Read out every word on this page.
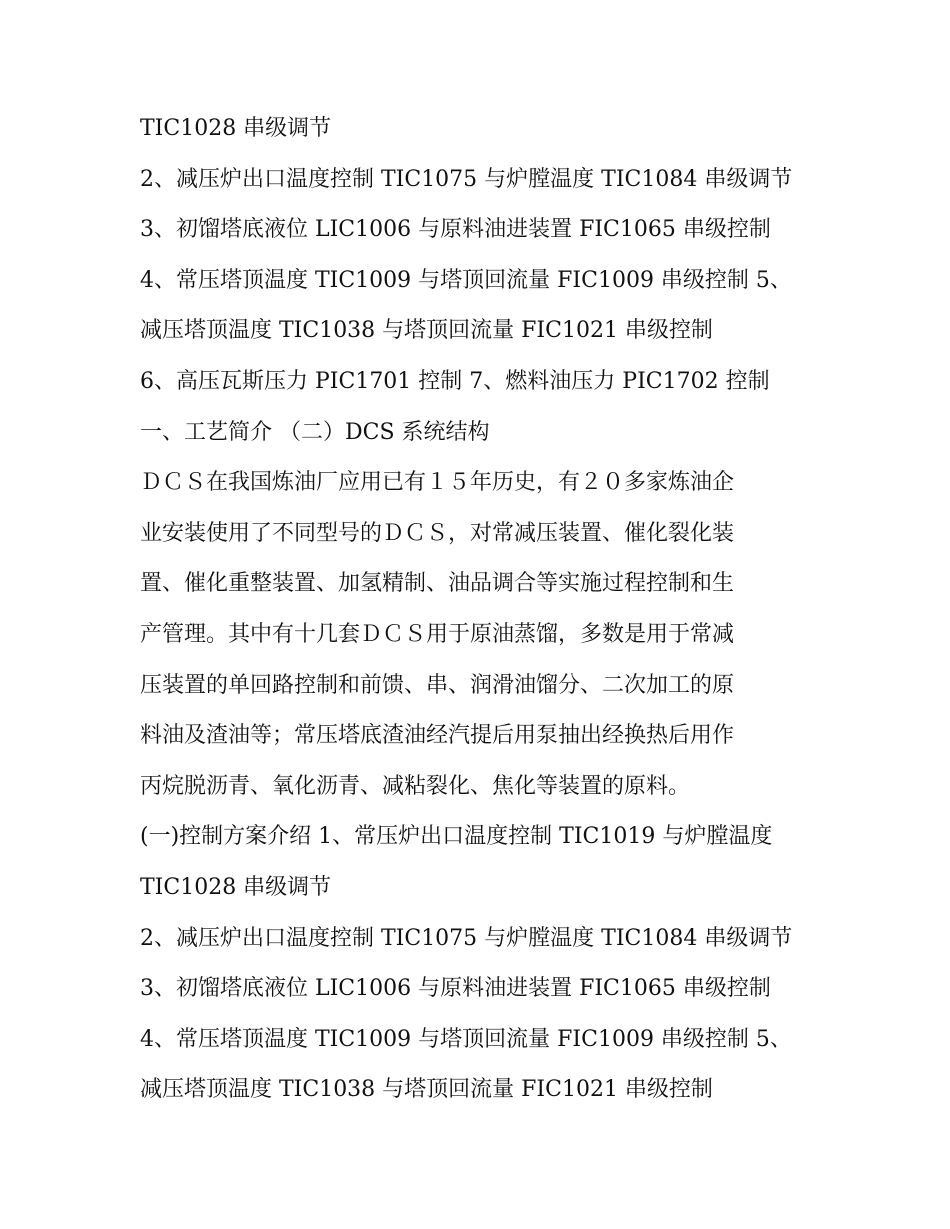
TIC1028 串级调节
2、减压炉出口温度控制 TIC1075 与炉膛温度 TIC1084 串级调节
3、初馏塔底液位 LIC1006 与原料油进装置 FIC1065 串级控制
4、常压塔顶温度 TIC1009 与塔顶回流量 FIC1009 串级控制 5、
减压塔顶温度 TIC1038 与塔顶回流量 FIC1021 串级控制
6、高压瓦斯压力 PIC1701 控制 7、燃料油压力 PIC1702 控制
一、工艺简介 （二）DCS 系统结构
ＤＣＳ在我国炼油厂应用已有１５年历史，有２０多家炼油企
业安装使用了不同型号的ＤＣＳ，对常减压装置、催化裂化装
置、催化重整装置、加氢精制、油品调合等实施过程控制和生
产管理。其中有十几套ＤＣＳ用于原油蒸馏，多数是用于常减
压装置的单回路控制和前馈、串、润滑油馏分、二次加工的原
料油及渣油等；常压塔底渣油经汽提后用泵抽出经换热后用作
丙烷脱沥青、氧化沥青、减粘裂化、焦化等装置的原料。
(一)控制方案介绍 1、常压炉出口温度控制 TIC1019 与炉膛温度
TIC1028 串级调节
2、减压炉出口温度控制 TIC1075 与炉膛温度 TIC1084 串级调节
3、初馏塔底液位 LIC1006 与原料油进装置 FIC1065 串级控制
4、常压塔顶温度 TIC1009 与塔顶回流量 FIC1009 串级控制 5、
减压塔顶温度 TIC1038 与塔顶回流量 FIC1021 串级控制
